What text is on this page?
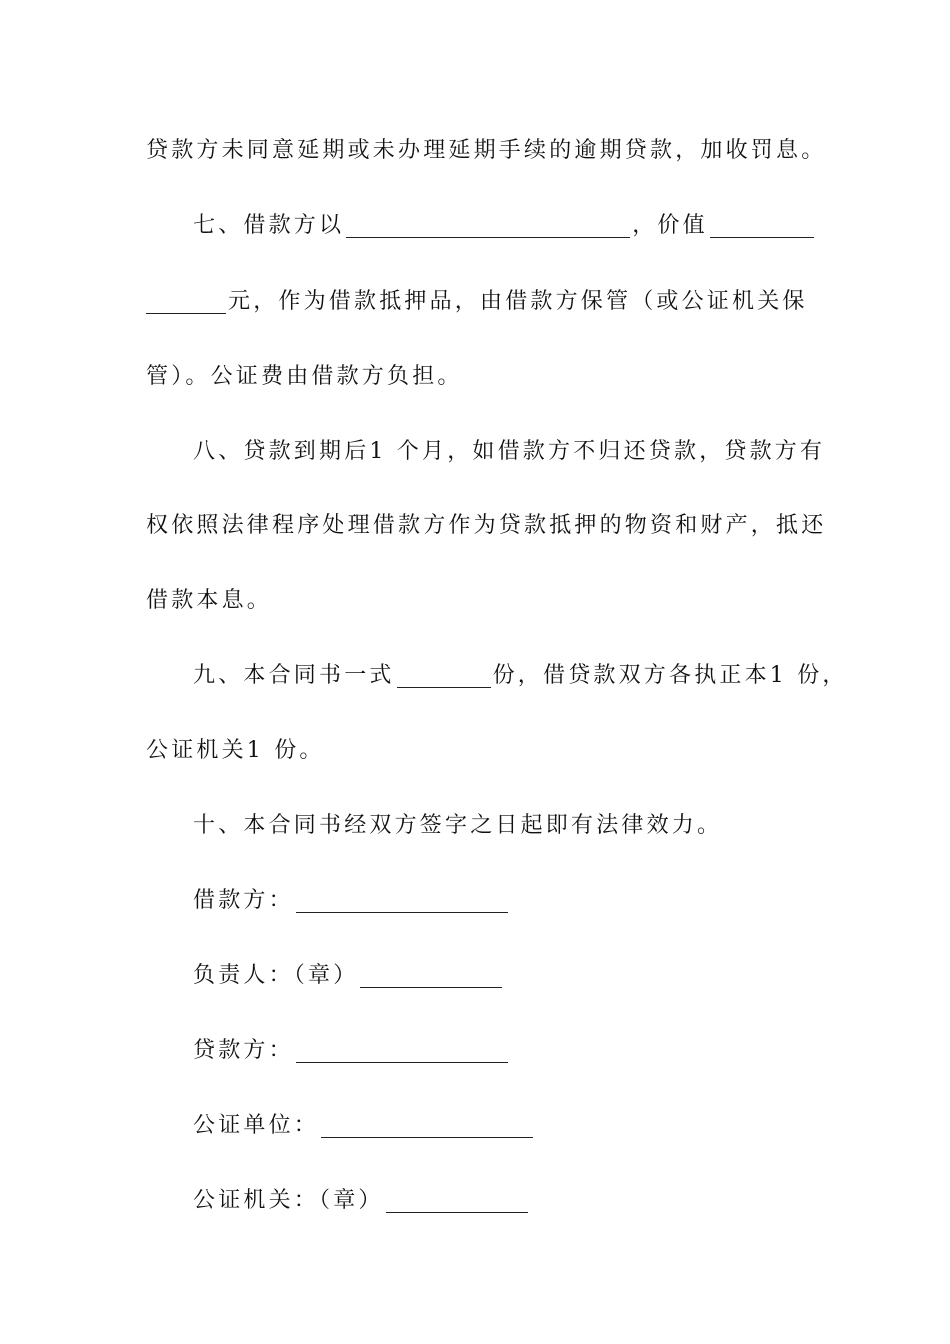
贷款方未同意延期或未办理延期手续的逾期贷款，加收罚息。
七、借款方以	，价值
元，作为借款抵押品，由借款方保管（或公证机关保
管）。公证费由借款方负担。
八、贷款到期后1 个月，如借款方不归还贷款，贷款方有
权依照法律程序处理借款方作为贷款抵押的物资和财产，抵还
借款本息。
九、本合同书一式	份，借贷款双方各执正本1 份，
公证机关1 份。
十、本合同书经双方签字之日起即有法律效力。
借款方：
负责人：（章）
贷款方：
公证单位：
公证机关：（章）
